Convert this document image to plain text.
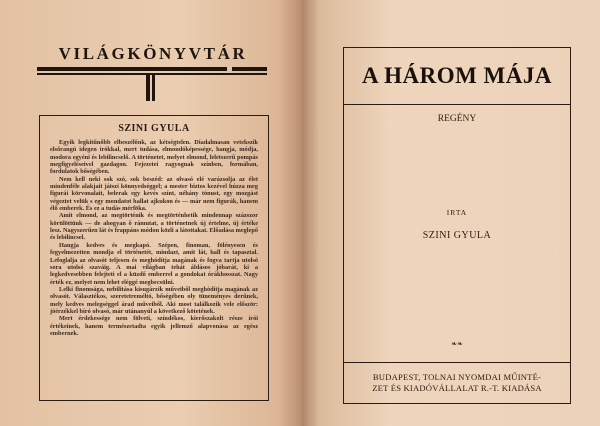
VILÁGKÖNYVTÁR
SZINI GYULA

Egyik legkitűnőbb elbeszélőnk, az kétségtelen. Diadalmasan vetekszik elsőrangú idegen írókkal, mert tudása, elmondóképessége, hangja, módja, modora egyéni és lebilincselő. A történetet, melyet elmond, leletszerű pompás megfigyeléseivel gazdagon. Fejezetei ragyognak színben, formában, fordulatok bőségében.

Nem kell neki sok szó, sok beszéd: az olvasó elé varázsolja az élet mindenféle alakjait játszi könnyedséggel; a mester biztos kezével húzza meg figurái körvonalait, belerak egy kevés színt, néhány tónust, egy mozgást végeztet velük s egy mondatot hallat ajkukon és — már nem figurák, hanem élő emberek. És ez a tudás mérföka.

Amit elmond, az megtörténik és megtörténhetik mindennap százszor körülöttünk — de ahogyan ő rámutat, a történetnek új értelme, új értéke lesz. Nagyszerűen lát és frappáns módon közli a látottakat. Előadása meglepő és lebilincsel.

Hangja kedves és megkapó. Szépen, finoman, fölényesen és fegyelmezetten mondja el történetét, mindazt, amit lát, hall és tapasztal. Lefoglalja az olvasót teljesen és meghódítja magának és fogva tartja utolsó sora utolsó szaváig. A mai világban tehát áldásos jóbarát, ki a legkedvesebben felejteti el a küzdő emberrel a gondokat órákhosszat. Nagy érték ez, melyet nem lehet eléggé megbecsülni.

Lelki finomsága, nebilitása kisugárzik műveiből meghódítja magának az olvasót. Választékos, szeretetreméltó, bőségében oly tüneményes derűnek, mely kedves melegséggel árad műveiből. Aki most találkozik vele először: jóérzékkel bíró olvasó, már utánanyúl a következő kötetének.

Mert érdekessége nem fölveti, színdékos, kierőszakolt része írói értékeinek, hanem természetadta egyik jellemző alapvonása az egész embernek.

A HÁROM MÁJA
REGÉNY
IRTA
SZINI GYULA
❧❧
BUDAPEST, TOLNAI NYOMDAI MŰINTÉ-
ZET ÉS KIADÓVÁLLALAT R.-T. KIADÁSA
